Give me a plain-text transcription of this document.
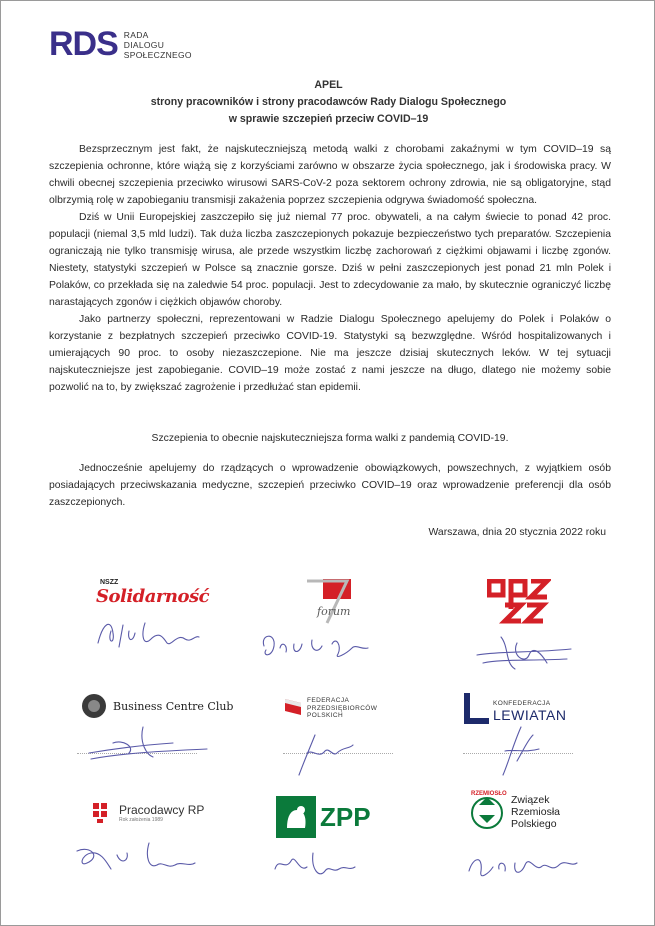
RDS RADA
DIALOGU
SPOŁECZNEGO
APEL
strony pracowników i strony pracodawców Rady Dialogu Społecznego
w sprawie szczepień przeciw COVID–19

Bezsprzecznym jest fakt, że najskuteczniejszą metodą walki z chorobami zakaźnymi w tym COVID–19 są szczepienia ochronne, które wiążą się z korzyściami zarówno w obszarze życia społecznego, jak i środowiska pracy. W chwili obecnej szczepienia przeciwko wirusowi SARS-CoV-2 poza sektorem ochrony zdrowia, nie są obligatoryjne, stąd olbrzymią rolę w zapobieganiu transmisji zakażenia poprzez szczepienia odgrywa świadomość społeczna.

Dziś w Unii Europejskiej zaszczepiło się już niemal 77 proc. obywateli, a na całym świecie to ponad 42 proc. populacji (niemal 3,5 mld ludzi). Tak duża liczba zaszczepionych pokazuje bezpieczeństwo tych preparatów. Szczepienia ograniczają nie tylko transmisję wirusa, ale przede wszystkim liczbę zachorowań z ciężkimi objawami i liczbę zgonów. Niestety, statystyki szczepień w Polsce są znacznie gorsze. Dziś w pełni zaszczepionych jest ponad 21 mln Polek i Polaków, co przekłada się na zaledwie 54 proc. populacji. Jest to zdecydowanie za mało, by skutecznie ograniczyć liczbę narastających zgonów i ciężkich objawów choroby.

Jako partnerzy społeczni, reprezentowani w Radzie Dialogu Społecznego apelujemy do Polek i Polaków o korzystanie z bezpłatnych szczepień przeciwko COVID-19. Statystyki są bezwzględne. Wśród hospitalizowanych i umierających 90 proc. to osoby niezaszczepione. Nie ma jeszcze dzisiaj skutecznych leków. W tej sytuacji najskuteczniejsze jest zapobieganie. COVID–19 może zostać z nami jeszcze na długo, dlatego nie możemy sobie pozwolić na to, by zwiększać zagrożenie i przedłużać stan epidemii.

Szczepienia to obecnie najskuteczniejsza forma walki z pandemią COVID-19.

Jednocześnie apelujemy do rządzących o wprowadzenie obowiązkowych, powszechnych, z wyjątkiem osób posiadających przeciwskazania medyczne, szczepień przeciwko COVID–19 oraz wprowadzenie preferencji dla osób zaszczepionych.

Warszawa, dnia 20 stycznia 2022 roku
NSZZ
Solidarność
forum
Business Centre Club	FEDERACJA
PRZEDSIĘBIORCÓW
POLSKICH
KONFEDERACJA
LEWIATAN
Pracodawcy RP
Rok założenia 1989	ZPP
RZEMIOSŁO Związek
Rzemiosła
Polskiego
